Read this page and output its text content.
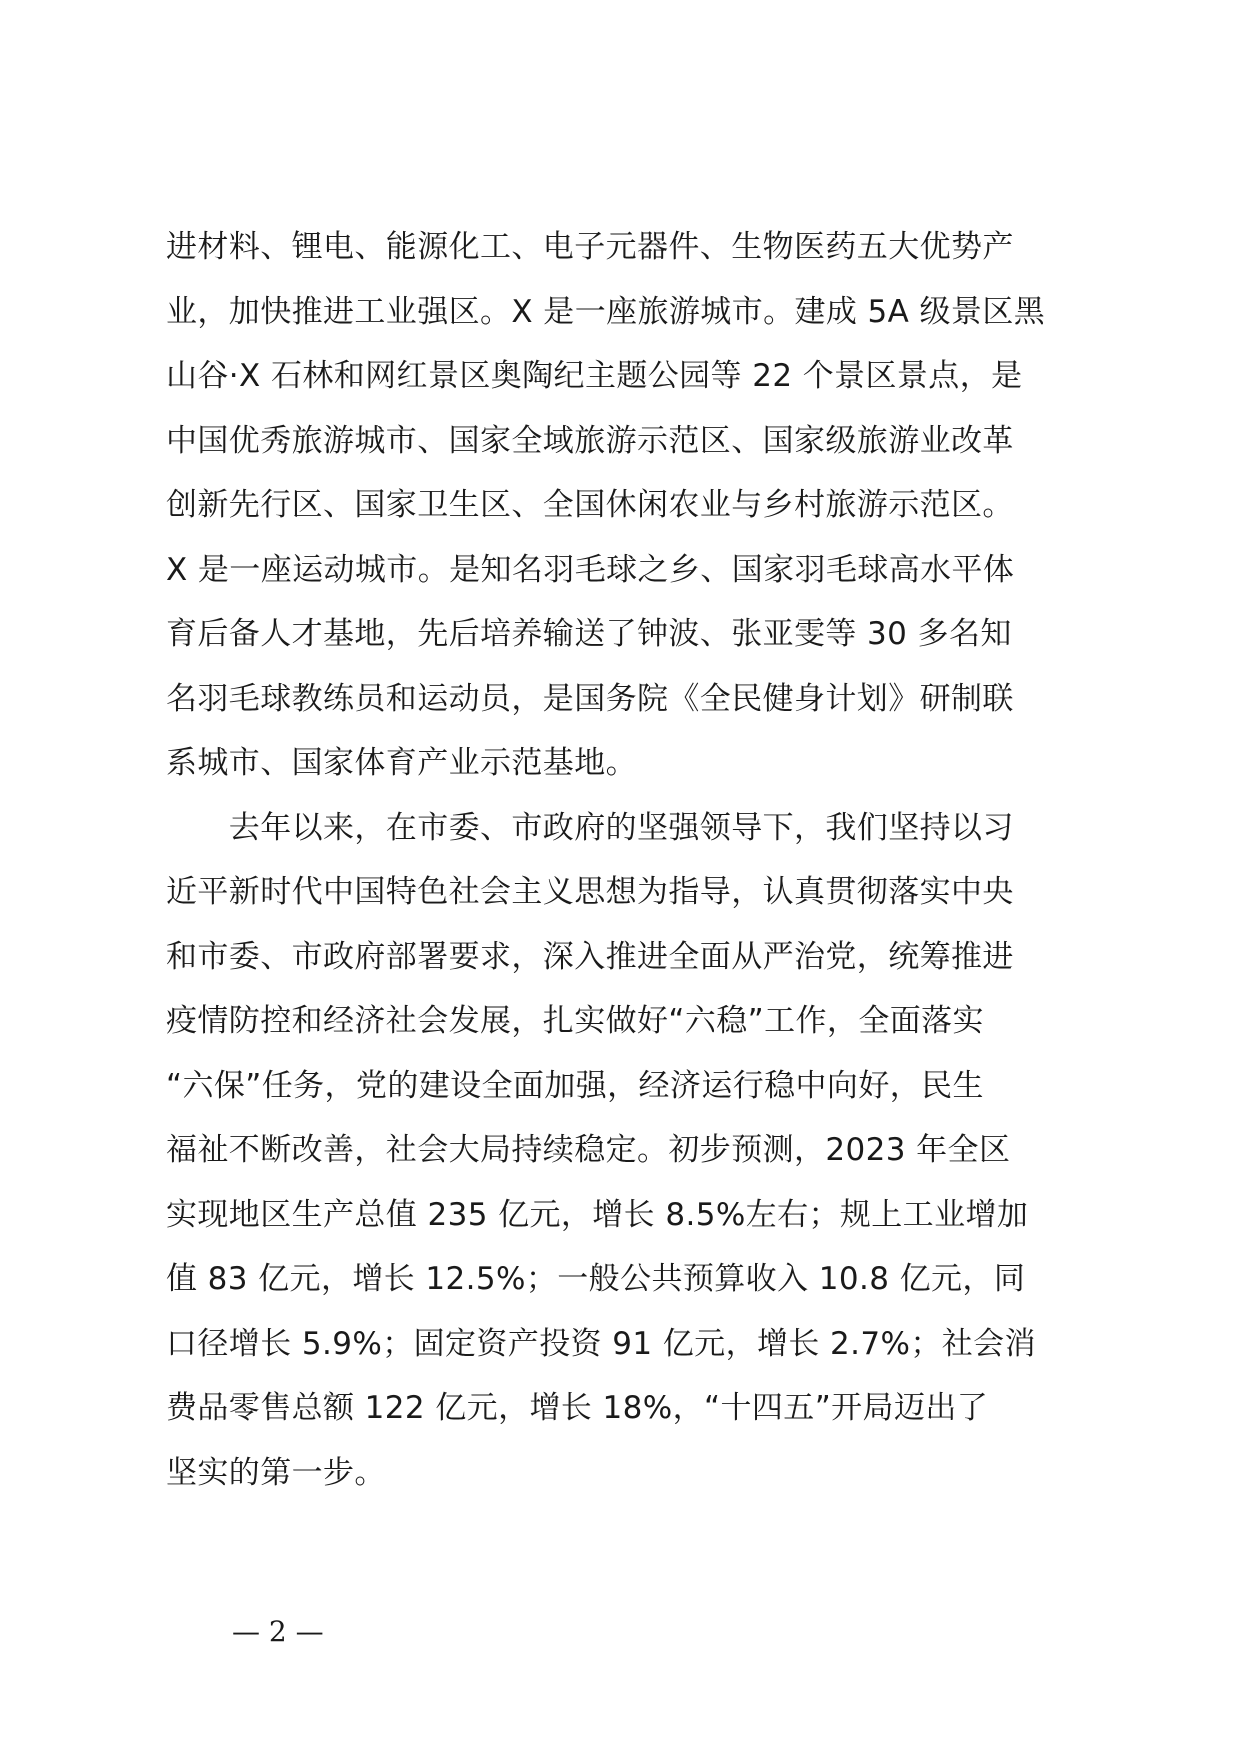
进材料、锂电、能源化工、电子元器件、生物医药五大优势产
业，加快推进工业强区。X 是一座旅游城市。建成 5A 级景区黑
山谷·X 石林和网红景区奥陶纪主题公园等 22 个景区景点，是
中国优秀旅游城市、国家全域旅游示范区、国家级旅游业改革
创新先行区、国家卫生区、全国休闲农业与乡村旅游示范区。
X 是一座运动城市。是知名羽毛球之乡、国家羽毛球高水平体
育后备人才基地，先后培养输送了钟波、张亚雯等 30 多名知
名羽毛球教练员和运动员，是国务院《全民健身计划》研制联
系城市、国家体育产业示范基地。
　　去年以来，在市委、市政府的坚强领导下，我们坚持以习
近平新时代中国特色社会主义思想为指导，认真贯彻落实中央
和市委、市政府部署要求，深入推进全面从严治党，统筹推进
疫情防控和经济社会发展，扎实做好“六稳”工作，全面落实
“六保”任务，党的建设全面加强，经济运行稳中向好，民生
福祉不断改善，社会大局持续稳定。初步预测，2023 年全区
实现地区生产总值 235 亿元，增长 8.5%左右；规上工业增加
值 83 亿元，增长 12.5%；一般公共预算收入 10.8 亿元，同
口径增长 5.9%；固定资产投资 91 亿元，增长 2.7%；社会消
费品零售总额 122 亿元，增长 18%，“十四五”开局迈出了
坚实的第一步。
— 2 —
